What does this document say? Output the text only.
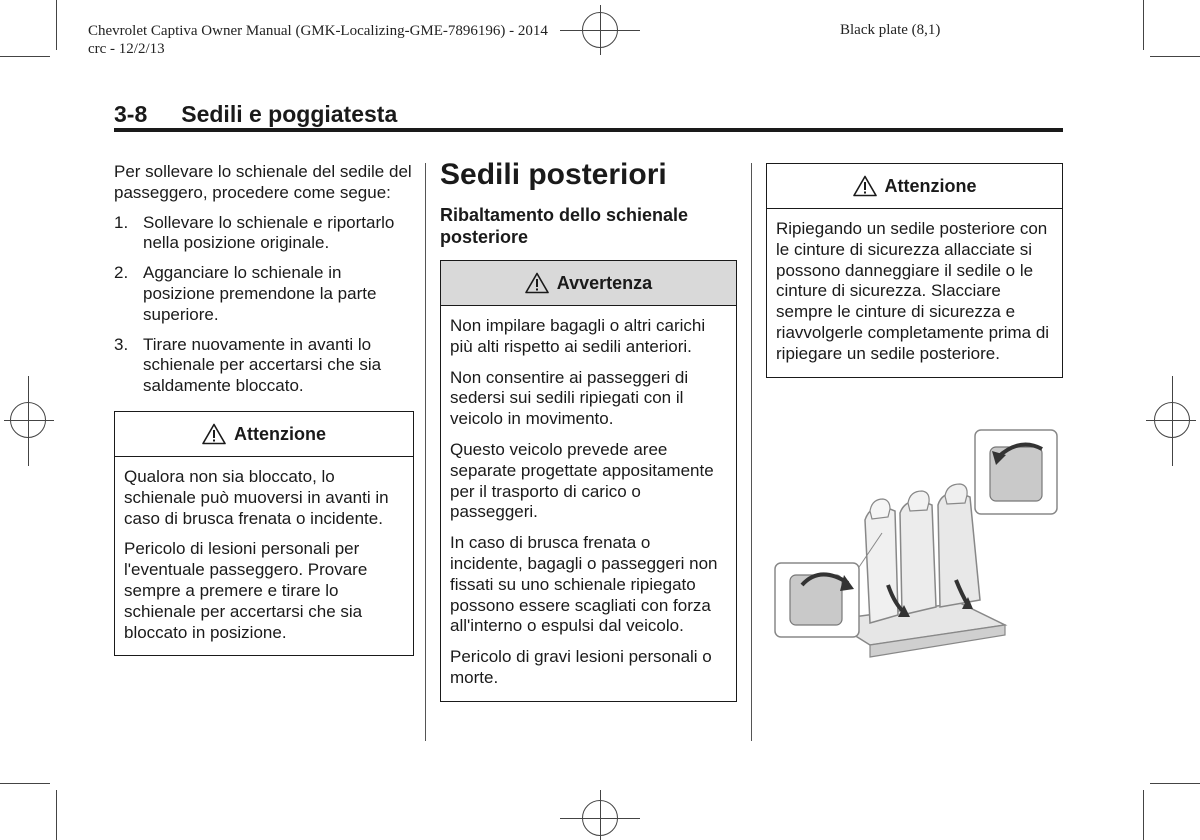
Chevrolet Captiva Owner Manual (GMK-Localizing-GME-7896196) - 2014
crc - 12/2/13
Black plate (8,1)
3-8 Sedili e poggiatesta

Per sollevare lo schienale del sedile del passeggero, procedere come segue:

1. Sollevare lo schienale e riportarlo nella posizione originale.
2. Agganciare lo schienale in posizione premendone la parte superiore.
3. Tirare nuovamente in avanti lo schienale per accertarsi che sia saldamente bloccato.
Attenzione

Qualora non sia bloccato, lo schienale può muoversi in avanti in caso di brusca frenata o incidente.

Pericolo di lesioni personali per l'eventuale passeggero. Provare sempre a premere e tirare lo schienale per accertarsi che sia bloccato in posizione.

Sedili posteriori
Ribaltamento dello schienale posteriore
Avvertenza

Non impilare bagagli o altri carichi più alti rispetto ai sedili anteriori.

Non consentire ai passeggeri di sedersi sui sedili ripiegati con il veicolo in movimento.

Questo veicolo prevede aree separate progettate appositamente per il trasporto di carico o passeggeri.

In caso di brusca frenata o incidente, bagagli o passeggeri non fissati su uno schienale ripiegato possono essere scagliati con forza all'interno o espulsi dal veicolo.

Pericolo di gravi lesioni personali o morte.

Attenzione

Ripiegando un sedile posteriore con le cinture di sicurezza allacciate si possono danneggiare il sedile o le cinture di sicurezza. Slacciare sempre le cinture di sicurezza e riavvolgerle completamente prima di ripiegare un sedile posteriore.
